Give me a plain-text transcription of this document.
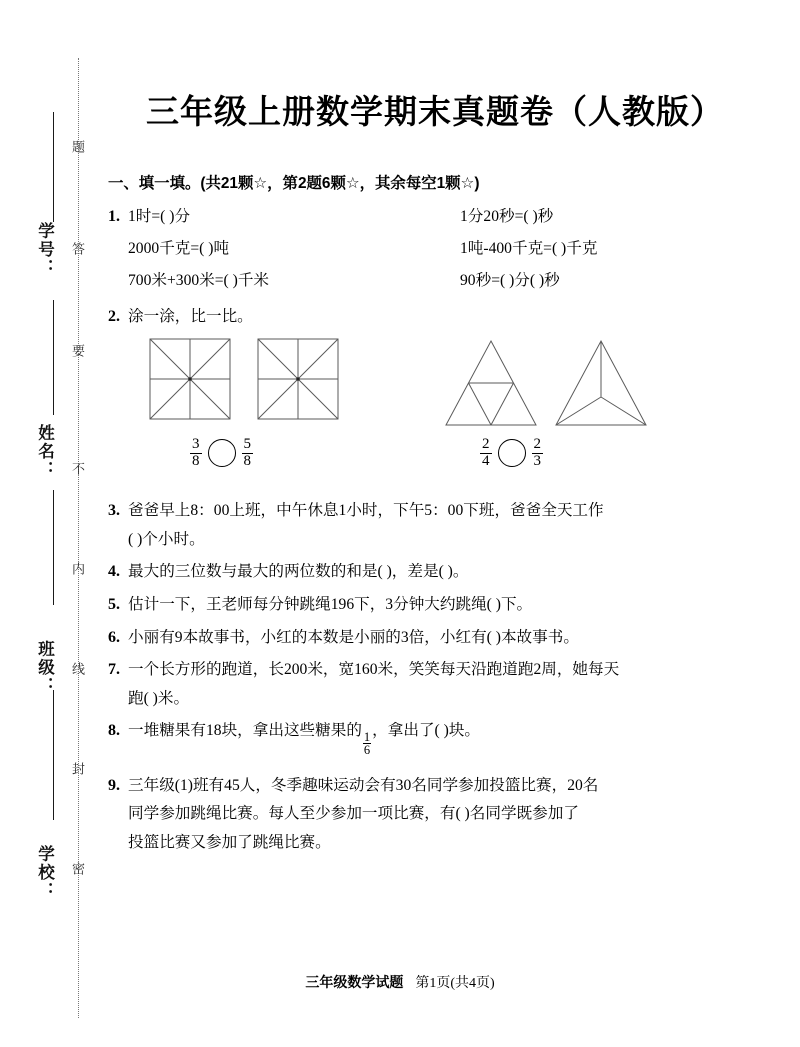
学号：
姓名：
班级：
学校： 密
封
线
内
不
要
答
题
三年级上册数学期末真题卷（人教版）
一、填一填。(共21颗☆，第2题6颗☆，其余每空1颗☆)
1. 1时=( )分	1分20秒=( )秒
2000千克=( )吨	1吨-400千克=( )千克
700米+300米=( )千米	90秒=( )分( )秒
2. 涂一涂，比一比。
$\frac{3}{8}$	$\frac{5}{8}$	$\frac{2}{4}$	$\frac{2}{3}$
3. 爸爸早上8：00上班，中午休息1小时，下午5：00下班，爸爸全天工作
( )个小时。
4. 最大的三位数与最大的两位数的和是( )，差是( )。
5. 估计一下，王老师每分钟跳绳196下，3分钟大约跳绳( )下。
6. 小丽有9本故事书，小红的本数是小丽的3倍，小红有( )本故事书。
7. 一个长方形的跑道，长200米，宽160米，笑笑每天沿跑道跑2周，她每天
跑( )米。
8. 一堆糖果有18块，拿出这些糖果的 $\frac{1}{6}$ ，拿出了( )块。
9. 三年级(1)班有45人，冬季趣味运动会有30名同学参加投篮比赛，20名
同学参加跳绳比赛。每人至少参加一项比赛，有( )名同学既参加了
投篮比赛又参加了跳绳比赛。
三年级数学试题 第1页(共4页)
